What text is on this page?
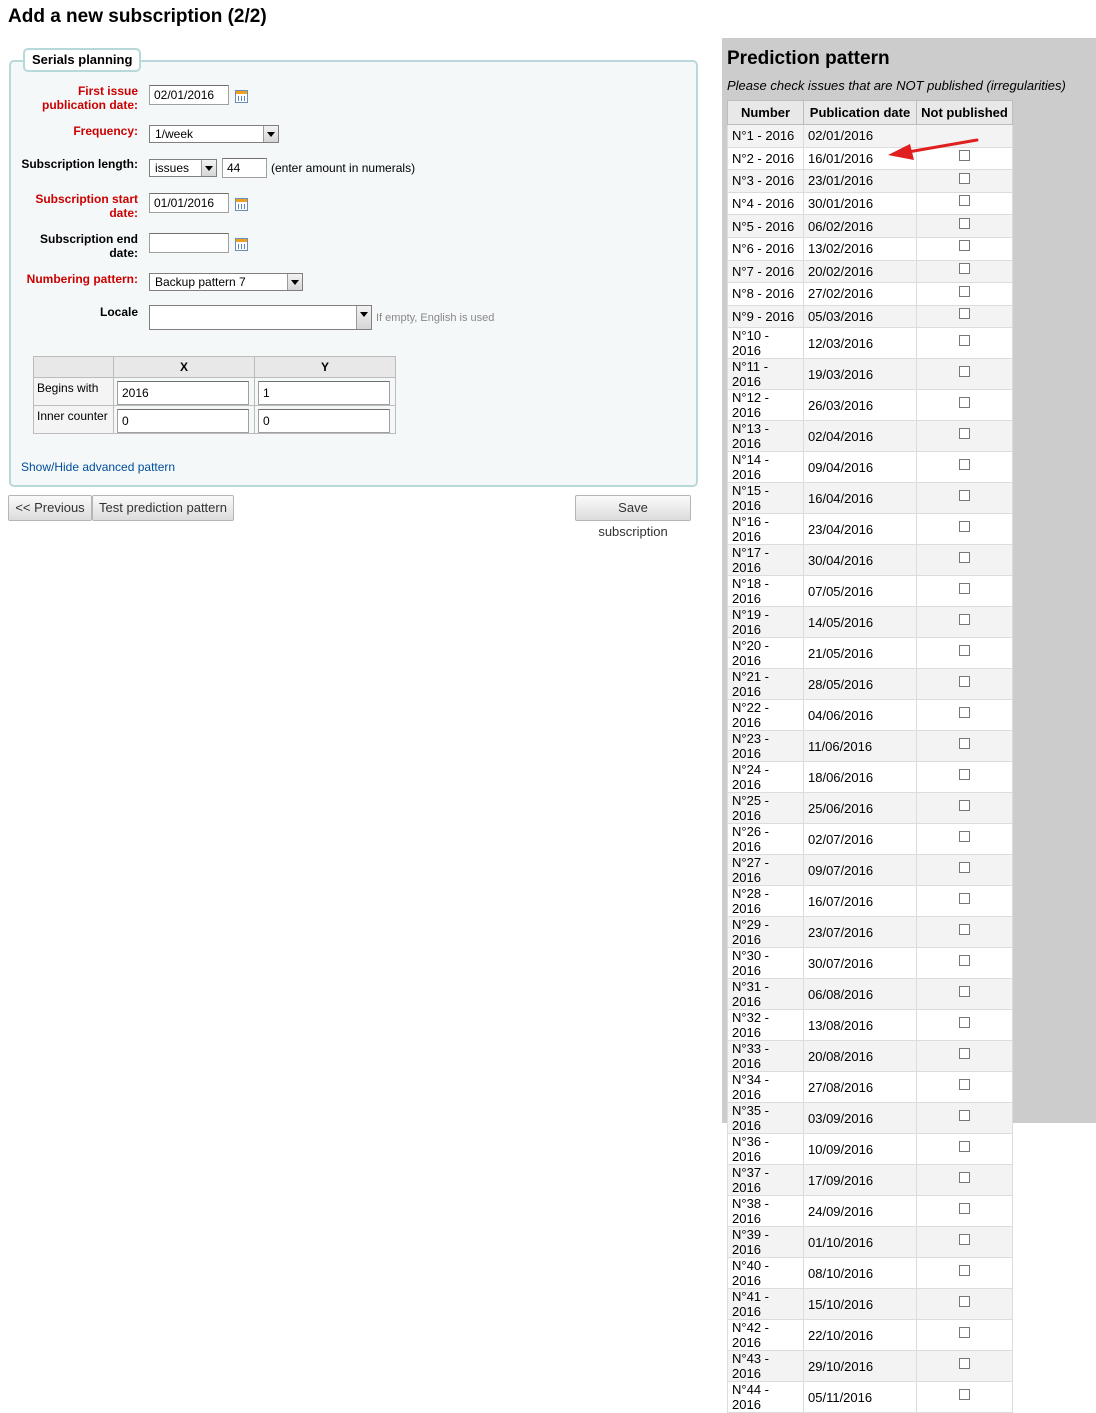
Add a new subscription (2/2)
Serials planning
First issue
publication date:
02/01/2016
Frequency:	1/week
Subscription length:	issues
44	(enter amount in numerals)
Subscription start
date:
01/01/2016
Subscription end
date:
Numbering pattern:	Backup pattern 7
Locale	If empty, English is used
	X	Y
Begins with	2016	1
Inner counter	0	0
Show/Hide advanced pattern
<< Previous	Test prediction pattern	Save subscription
Prediction pattern
Please check issues that are NOT published (irregularities)
Number	Publication date	Not published
N°1 - 2016	02/01/2016	
N°2 - 2016	16/01/2016	
N°3 - 2016	23/01/2016	
N°4 - 2016	30/01/2016	
N°5 - 2016	06/02/2016	
N°6 - 2016	13/02/2016	
N°7 - 2016	20/02/2016	
N°8 - 2016	27/02/2016	
N°9 - 2016	05/03/2016	
N°10 - 2016	12/03/2016	
N°11 - 2016	19/03/2016	
N°12 - 2016	26/03/2016	
N°13 - 2016	02/04/2016	
N°14 - 2016	09/04/2016	
N°15 - 2016	16/04/2016	
N°16 - 2016	23/04/2016	
N°17 - 2016	30/04/2016	
N°18 - 2016	07/05/2016	
N°19 - 2016	14/05/2016	
N°20 - 2016	21/05/2016	
N°21 - 2016	28/05/2016	
N°22 - 2016	04/06/2016	
N°23 - 2016	11/06/2016	
N°24 - 2016	18/06/2016	
N°25 - 2016	25/06/2016	
N°26 - 2016	02/07/2016	
N°27 - 2016	09/07/2016	
N°28 - 2016	16/07/2016	
N°29 - 2016	23/07/2016	
N°30 - 2016	30/07/2016	
N°31 - 2016	06/08/2016	
N°32 - 2016	13/08/2016	
N°33 - 2016	20/08/2016	
N°34 - 2016	27/08/2016	
N°35 - 2016	03/09/2016	
N°36 - 2016	10/09/2016	
N°37 - 2016	17/09/2016	
N°38 - 2016	24/09/2016	
N°39 - 2016	01/10/2016	
N°40 - 2016	08/10/2016	
N°41 - 2016	15/10/2016	
N°42 - 2016	22/10/2016	
N°43 - 2016	29/10/2016	
N°44 - 2016	05/11/2016	
